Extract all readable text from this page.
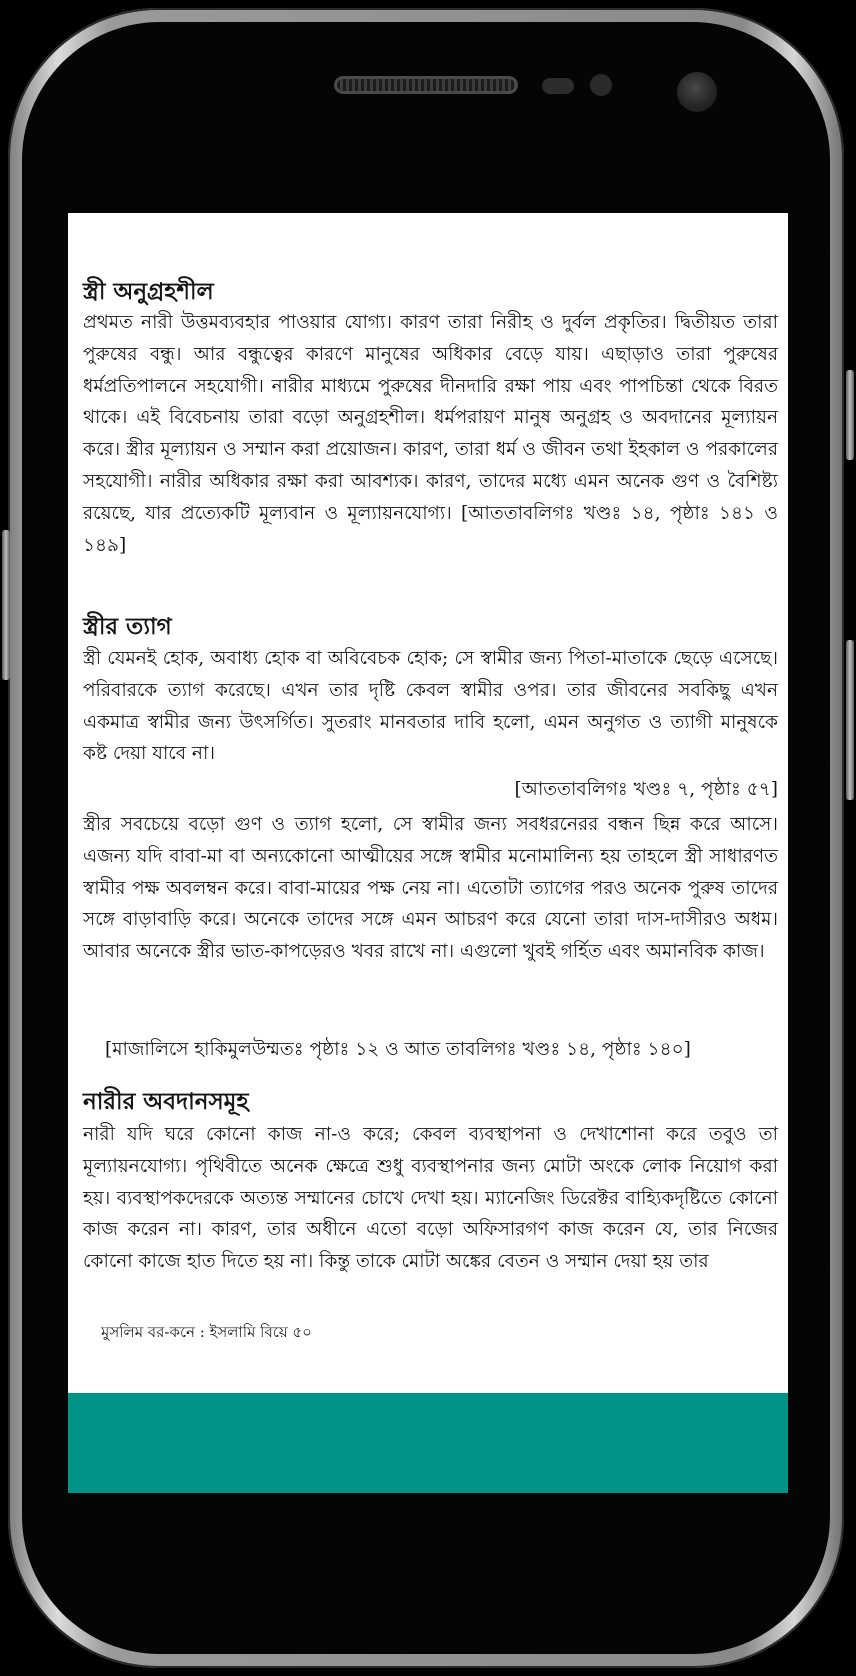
স্ত্রী অনুগ্রহশীল

প্রথমত নারী উত্তমব্যবহার পাওয়ার যোগ্য। কারণ তারা নিরীহ ও দুর্বল প্রকৃতির। দ্বিতীয়ত তারা পুরুষের বন্ধু। আর বন্ধুত্বের কারণে মানুষের অধিকার বেড়ে যায়। এছাড়াও তারা পুরুষের ধর্মপ্রতিপালনে সহযোগী। নারীর মাধ্যমে পুরুষের দীনদারি রক্ষা পায় এবং পাপচিন্তা থেকে বিরত থাকে। এই বিবেচনায় তারা বড়ো অনুগ্রহশীল। ধর্মপরায়ণ মানুষ অনুগ্রহ ও অবদানের মূল্যায়ন করে। স্ত্রীর মূল্যায়ন ও সম্মান করা প্রয়োজন। কারণ, তারা ধর্ম ও জীবন তথা ইহকাল ও পরকালের সহযোগী। নারীর অধিকার রক্ষা করা আবশ্যক। কারণ, তাদের মধ্যে এমন অনেক গুণ ও বৈশিষ্ট্য রয়েছে, যার প্রত্যেকটি মূল্যবান ও মূল্যায়নযোগ্য। [আততাবলিগঃ খণ্ডঃ ১৪, পৃষ্ঠাঃ ১৪১ ও ১৪৯]

স্ত্রীর ত্যাগ

স্ত্রী যেমনই হোক, অবাধ্য হোক বা অবিবেচক হোক; সে স্বামীর জন্য পিতা-মাতাকে ছেড়ে এসেছে। পরিবারকে ত্যাগ করেছে। এখন তার দৃষ্টি কেবল স্বামীর ওপর। তার জীবনের সবকিছু এখন একমাত্র স্বামীর জন্য উৎসর্গিত। সুতরাং মানবতার দাবি হলো, এমন অনুগত ও ত্যাগী মানুষকে কষ্ট দেয়া যাবে না।

[আততাবলিগঃ খণ্ডঃ ৭, পৃষ্ঠাঃ ৫৭]

স্ত্রীর সবচেয়ে বড়ো গুণ ও ত্যাগ হলো, সে স্বামীর জন্য সবধরনেরর বন্ধন ছিন্ন করে আসে। এজন্য যদি বাবা-মা বা অন্যকোনো আত্মীয়ের সঙ্গে স্বামীর মনোমালিন্য হয় তাহলে স্ত্রী সাধারণত স্বামীর পক্ষ অবলম্বন করে। বাবা-মায়ের পক্ষ নেয় না। এতোটা ত্যাগের পরও অনেক পুরুষ তাদের সঙ্গে বাড়াবাড়ি করে। অনেকে তাদের সঙ্গে এমন আচরণ করে যেনো তারা দাস-দাসীরও অধম। আবার অনেকে স্ত্রীর ভাত-কাপড়েরও খবর রাখে না। এগুলো খুবই গর্হিত এবং অমানবিক কাজ।

[মাজালিসে হাকিমুলউম্মতঃ পৃষ্ঠাঃ ১২ ও আত তাবলিগঃ খণ্ডঃ ১৪, পৃষ্ঠাঃ ১৪০]
নারীর অবদানসমূহ

নারী যদি ঘরে কোনো কাজ না-ও করে; কেবল ব্যবস্থাপনা ও দেখাশোনা করে তবুও তা মূল্যায়নযোগ্য। পৃথিবীতে অনেক ক্ষেত্রে শুধু ব্যবস্থাপনার জন্য মোটা অংকে লোক নিয়োগ করা হয়। ব্যবস্থাপকদেরকে অত্যন্ত সম্মানের চোখে দেখা হয়। ম্যানেজিং ডিরেক্টর বাহ্যিকদৃষ্টিতে কোনো কাজ করেন না। কারণ, তার অধীনে এতো বড়ো অফিসারগণ কাজ করেন যে, তার নিজের কোনো কাজে হাত দিতে হয় না। কিন্তু তাকে মোটা অঙ্কের বেতন ও সম্মান দেয়া হয় তার

মুসলিম বর-কনে : ইসলামি বিয়ে ৫০
